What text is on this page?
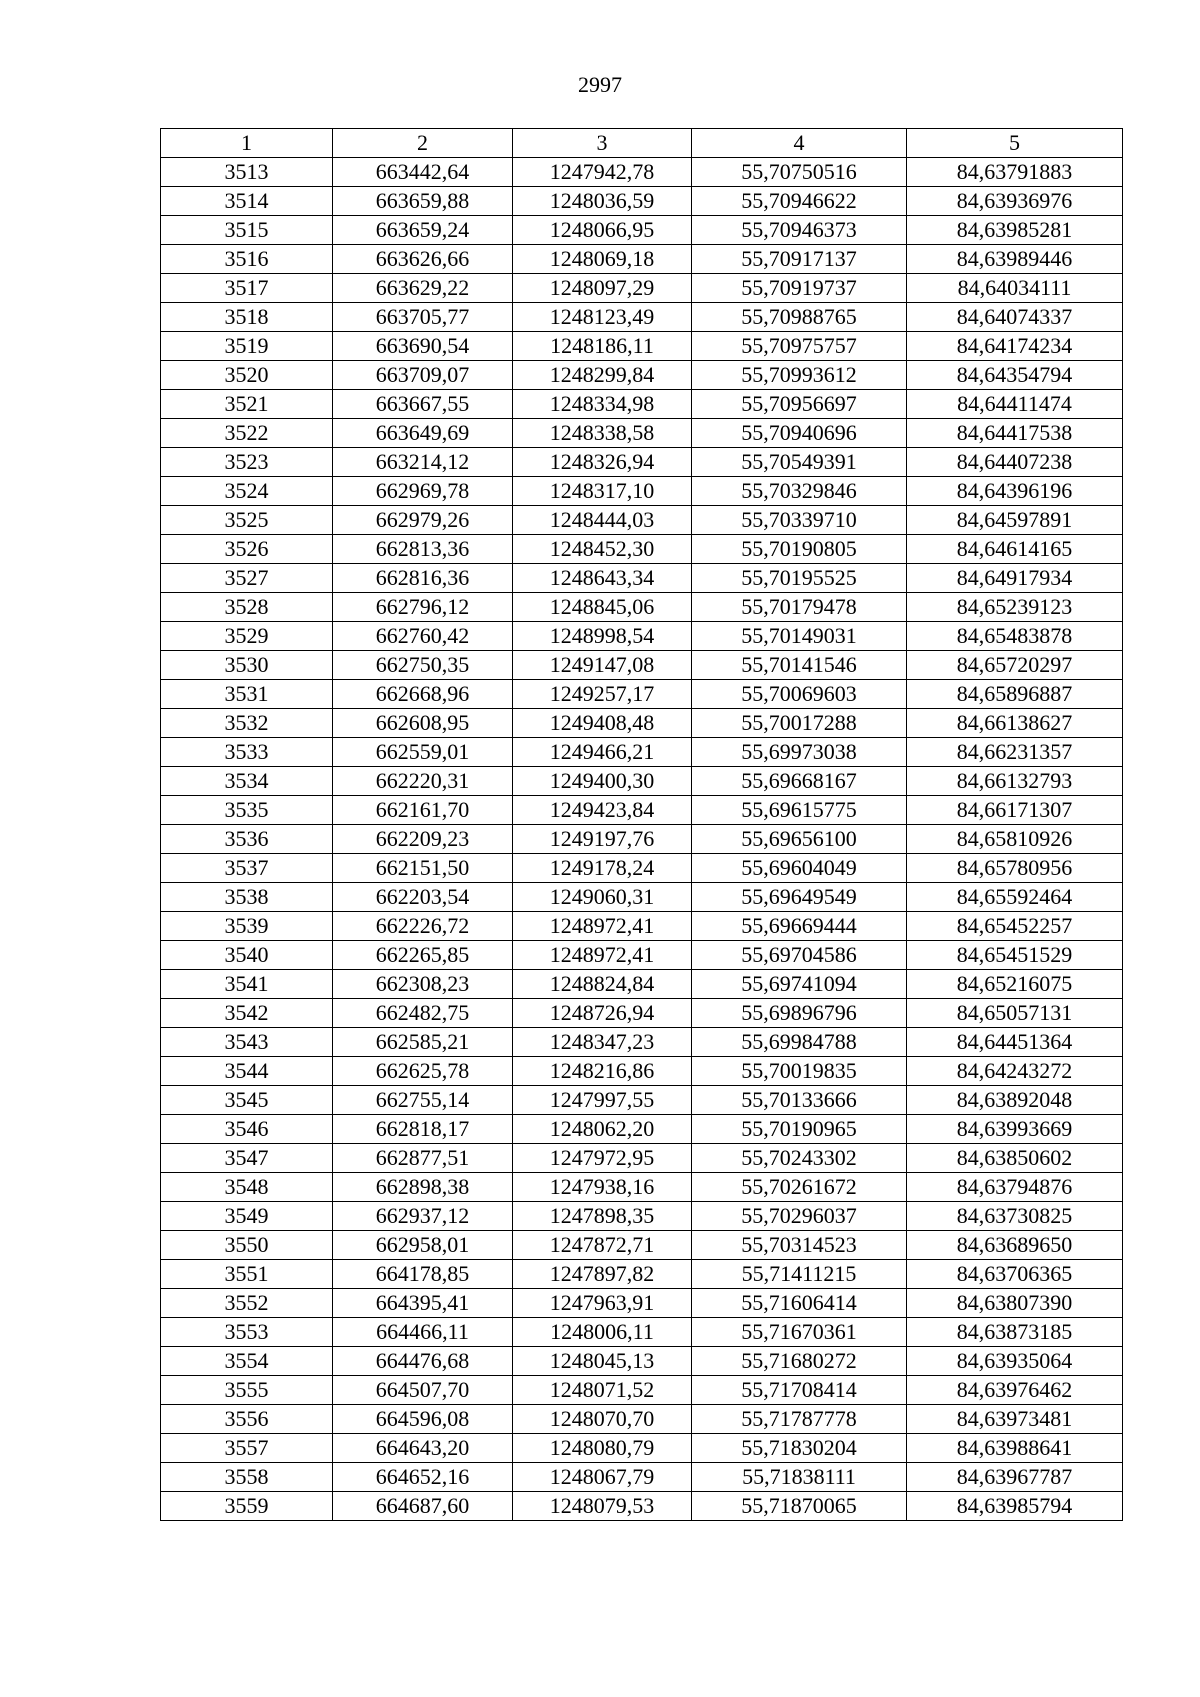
2997
1	2	3	4	5
3513	663442,64	1247942,78	55,70750516	84,63791883
3514	663659,88	1248036,59	55,70946622	84,63936976
3515	663659,24	1248066,95	55,70946373	84,63985281
3516	663626,66	1248069,18	55,70917137	84,63989446
3517	663629,22	1248097,29	55,70919737	84,64034111
3518	663705,77	1248123,49	55,70988765	84,64074337
3519	663690,54	1248186,11	55,70975757	84,64174234
3520	663709,07	1248299,84	55,70993612	84,64354794
3521	663667,55	1248334,98	55,70956697	84,64411474
3522	663649,69	1248338,58	55,70940696	84,64417538
3523	663214,12	1248326,94	55,70549391	84,64407238
3524	662969,78	1248317,10	55,70329846	84,64396196
3525	662979,26	1248444,03	55,70339710	84,64597891
3526	662813,36	1248452,30	55,70190805	84,64614165
3527	662816,36	1248643,34	55,70195525	84,64917934
3528	662796,12	1248845,06	55,70179478	84,65239123
3529	662760,42	1248998,54	55,70149031	84,65483878
3530	662750,35	1249147,08	55,70141546	84,65720297
3531	662668,96	1249257,17	55,70069603	84,65896887
3532	662608,95	1249408,48	55,70017288	84,66138627
3533	662559,01	1249466,21	55,69973038	84,66231357
3534	662220,31	1249400,30	55,69668167	84,66132793
3535	662161,70	1249423,84	55,69615775	84,66171307
3536	662209,23	1249197,76	55,69656100	84,65810926
3537	662151,50	1249178,24	55,69604049	84,65780956
3538	662203,54	1249060,31	55,69649549	84,65592464
3539	662226,72	1248972,41	55,69669444	84,65452257
3540	662265,85	1248972,41	55,69704586	84,65451529
3541	662308,23	1248824,84	55,69741094	84,65216075
3542	662482,75	1248726,94	55,69896796	84,65057131
3543	662585,21	1248347,23	55,69984788	84,64451364
3544	662625,78	1248216,86	55,70019835	84,64243272
3545	662755,14	1247997,55	55,70133666	84,63892048
3546	662818,17	1248062,20	55,70190965	84,63993669
3547	662877,51	1247972,95	55,70243302	84,63850602
3548	662898,38	1247938,16	55,70261672	84,63794876
3549	662937,12	1247898,35	55,70296037	84,63730825
3550	662958,01	1247872,71	55,70314523	84,63689650
3551	664178,85	1247897,82	55,71411215	84,63706365
3552	664395,41	1247963,91	55,71606414	84,63807390
3553	664466,11	1248006,11	55,71670361	84,63873185
3554	664476,68	1248045,13	55,71680272	84,63935064
3555	664507,70	1248071,52	55,71708414	84,63976462
3556	664596,08	1248070,70	55,71787778	84,63973481
3557	664643,20	1248080,79	55,71830204	84,63988641
3558	664652,16	1248067,79	55,71838111	84,63967787
3559	664687,60	1248079,53	55,71870065	84,63985794
